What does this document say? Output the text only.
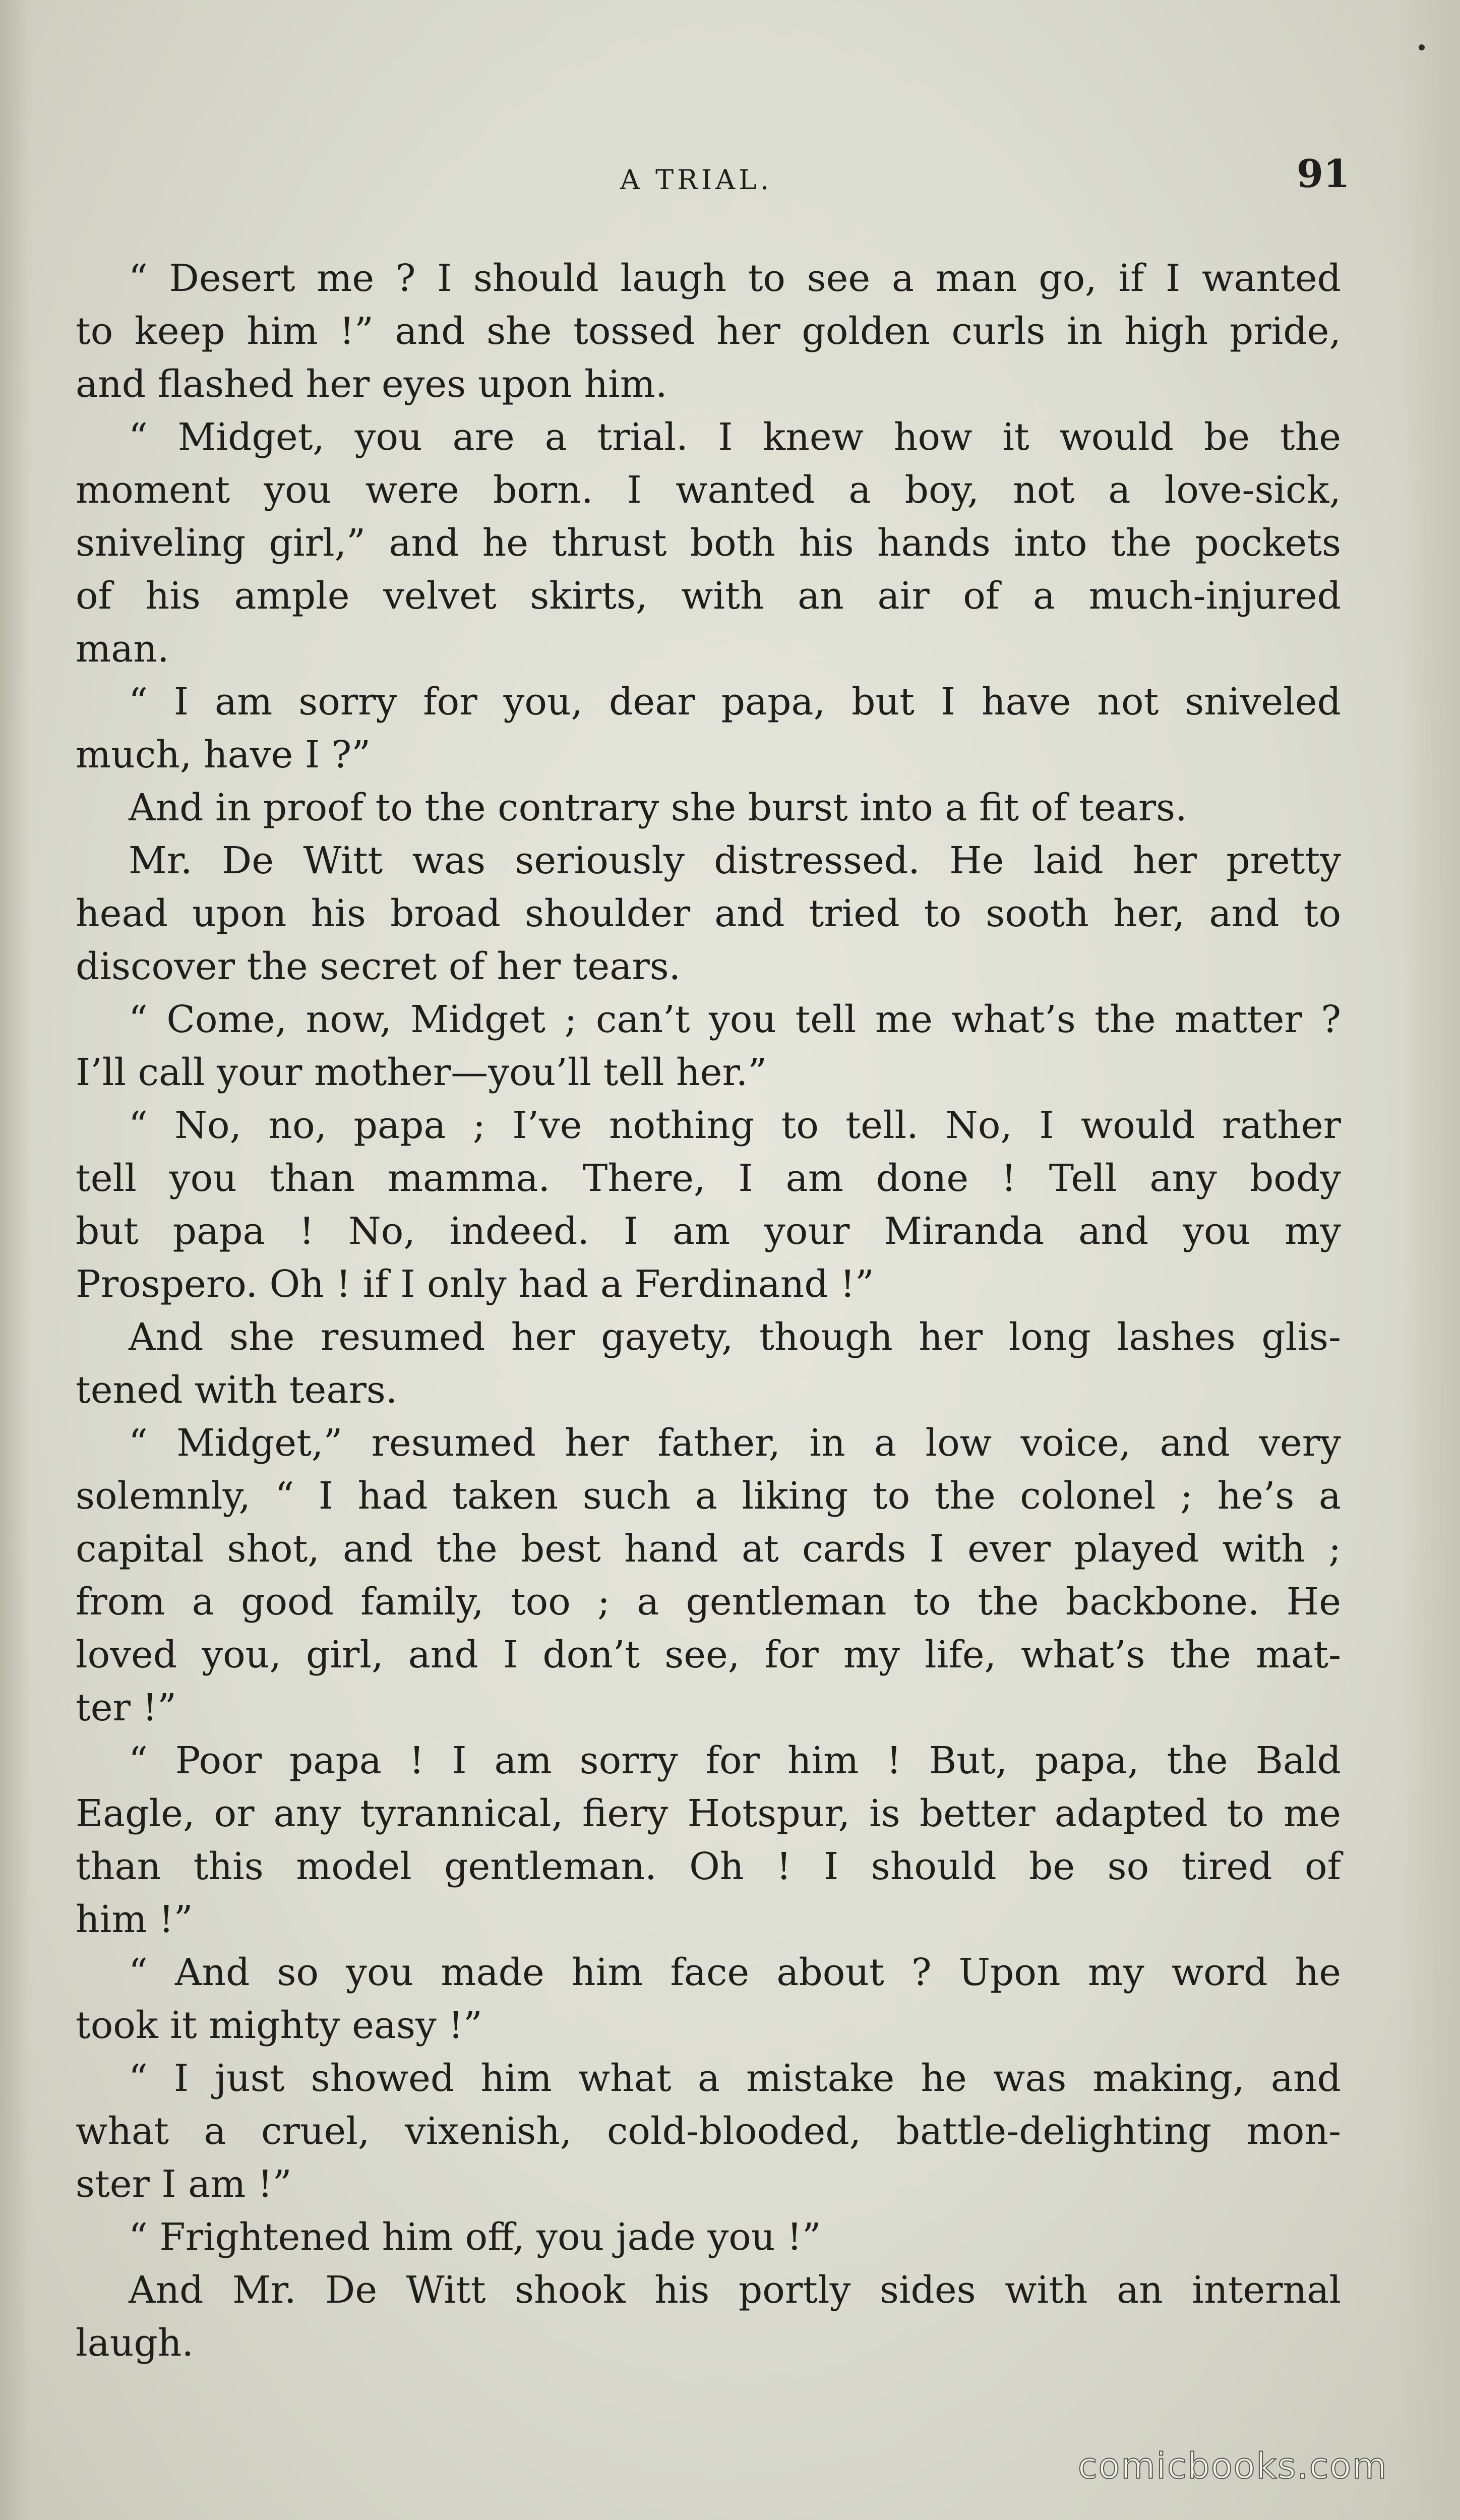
A TRIAL.	91
“ Desert me ? I should laugh to see a man go, if I wanted
to keep him !” and she tossed her golden curls in high pride,
and flashed her eyes upon him.
“ Midget, you are a trial. I knew how it would be the
moment you were born. I wanted a boy, not a love-sick,
sniveling girl,” and he thrust both his hands into the pockets
of his ample velvet skirts, with an air of a much-injured
man.
“ I am sorry for you, dear papa, but I have not sniveled
much, have I ?”
And in proof to the contrary she burst into a fit of tears.
Mr. De Witt was seriously distressed. He laid her pretty
head upon his broad shoulder and tried to sooth her, and to
discover the secret of her tears.
“ Come, now, Midget ; can’t you tell me what’s the matter ?
I’ll call your mother—you’ll tell her.”
“ No, no, papa ; I’ve nothing to tell. No, I would rather
tell you than mamma. There, I am done ! Tell any body
but papa ! No, indeed. I am your Miranda and you my
Prospero. Oh ! if I only had a Ferdinand !”
And she resumed her gayety, though her long lashes glis-
tened with tears.
“ Midget,” resumed her father, in a low voice, and very
solemnly, “ I had taken such a liking to the colonel ; he’s a
capital shot, and the best hand at cards I ever played with ;
from a good family, too ; a gentleman to the backbone. He
loved you, girl, and I don’t see, for my life, what’s the mat-
ter !”
“ Poor papa ! I am sorry for him ! But, papa, the Bald
Eagle, or any tyrannical, fiery Hotspur, is better adapted to me
than this model gentleman. Oh ! I should be so tired of
him !”
“ And so you made him face about ? Upon my word he
took it mighty easy !”
“ I just showed him what a mistake he was making, and
what a cruel, vixenish, cold-blooded, battle-delighting mon-
ster I am !”
“ Frightened him off, you jade you !”
And Mr. De Witt shook his portly sides with an internal
laugh.
comicbooks.com
